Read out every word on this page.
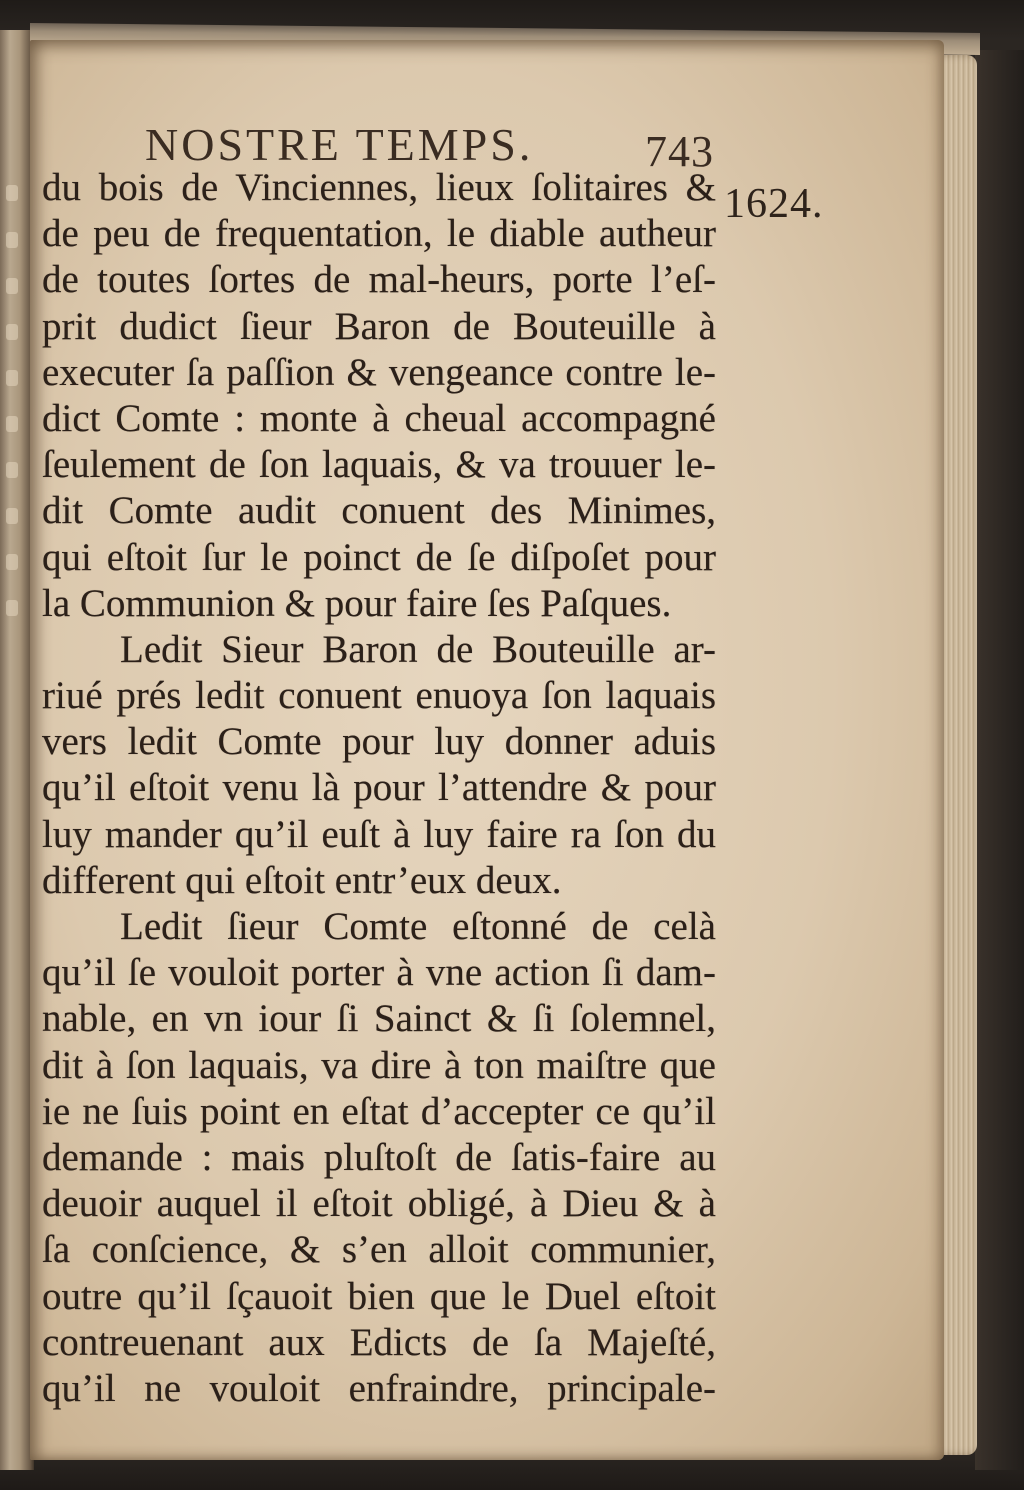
NOSTRE TEMPS.	743
1624.
du bois de Vinciennes, lieux ſolitaires &
de peu de frequentation, le diable autheur
de toutes ſortes de mal-heurs, porte l’eſ-
prit dudict ſieur Baron de Bouteuille à
executer ſa paſſion & vengeance contre le-
dict Comte : monte à cheual accompagné
ſeulement de ſon laquais, & va trouuer le-
dit Comte audit conuent des Minimes,
qui eſtoit ſur le poinct de ſe diſpoſet pour
la Communion & pour faire ſes Paſques.
Ledit Sieur Baron de Bouteuille ar-
riué prés ledit conuent enuoya ſon laquais
vers ledit Comte pour luy donner aduis
qu’il eſtoit venu là pour l’attendre & pour
luy mander qu’il euſt à luy faire ra ſon du
different qui eſtoit entr’eux deux.
Ledit ſieur Comte eſtonné de celà
qu’il ſe vouloit porter à vne action ſi dam-
nable, en vn iour ſi Sainct & ſi ſolemnel,
dit à ſon laquais, va dire à ton maiſtre que
ie ne ſuis point en eſtat d’accepter ce qu’il
demande : mais pluſtoſt de ſatis-faire au
deuoir auquel il eſtoit obligé, à Dieu & à
ſa conſcience, & s’en alloit communier,
outre qu’il ſçauoit bien que le Duel eſtoit
contreuenant aux Edicts de ſa Majeſté,
qu’il ne vouloit enfraindre, principale-
